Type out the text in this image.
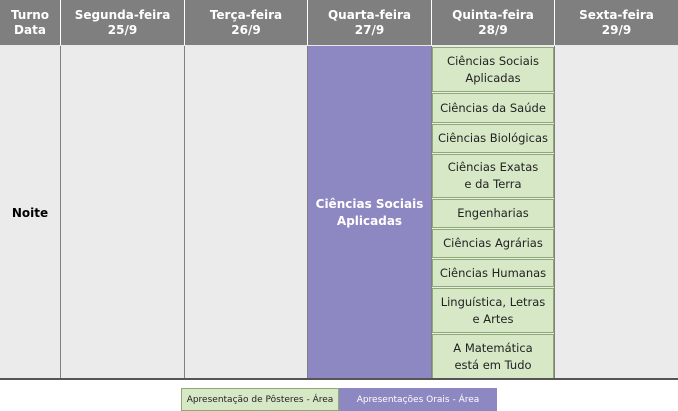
Turno
Data
Segunda-feira
25/9
Terça-feira
26/9
Quarta-feira
27/9
Quinta-feira
28/9
Sexta-feira
29/9
Noite
Ciências Sociais
Aplicadas
Ciências Sociais
Aplicadas
Ciências da Saúde
Ciências Biológicas
Ciências Exatas
e da Terra
Engenharias
Ciências Agrárias
Ciências Humanas
Linguística, Letras
e Artes
A Matemática
está em Tudo
Apresentação de Pôsteres - Área	Apresentações Orais - Área
